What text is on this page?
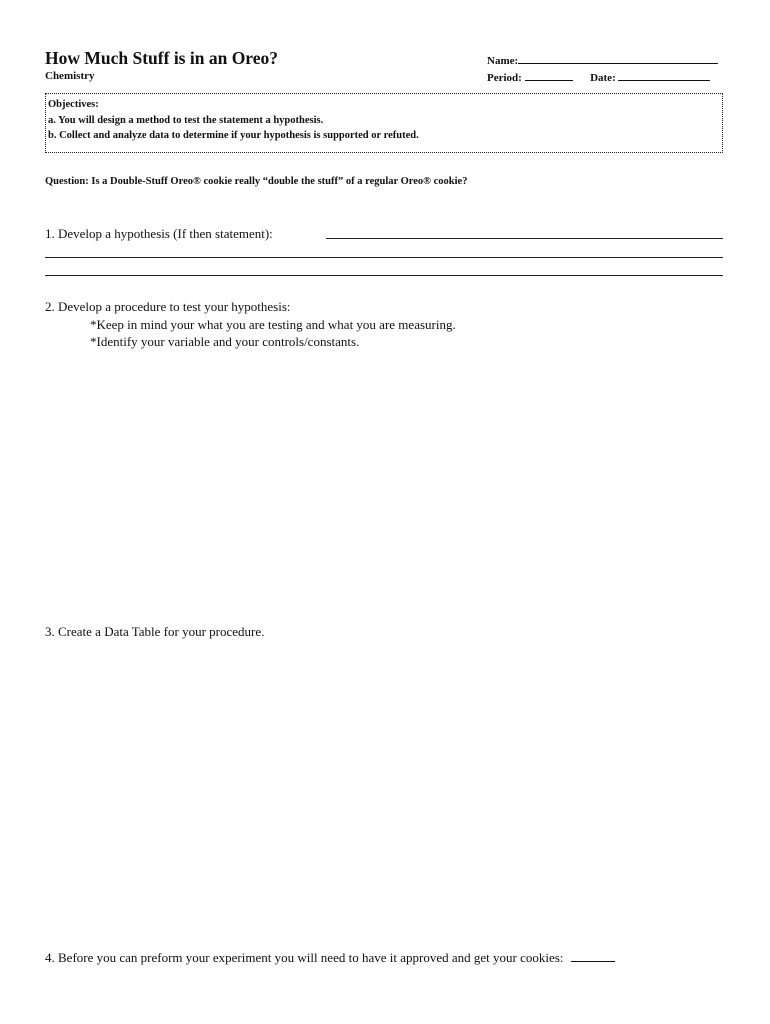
How Much Stuff is in an Oreo?
Chemistry
Name:
Period:	Date:
Objectives:
a. You will design a method to test the statement a hypothesis.
b. Collect and analyze data to determine if your hypothesis is supported or refuted.
Question: Is a Double-Stuff Oreo® cookie really “double the stuff” of a regular Oreo® cookie?
1. Develop a hypothesis (If then statement):
2. Develop a procedure to test your hypothesis:
*Keep in mind your what you are testing and what you are measuring.
*Identify your variable and your controls/constants.
3. Create a Data Table for your procedure.
4. Before you can preform your experiment you will need to have it approved and get your cookies:
